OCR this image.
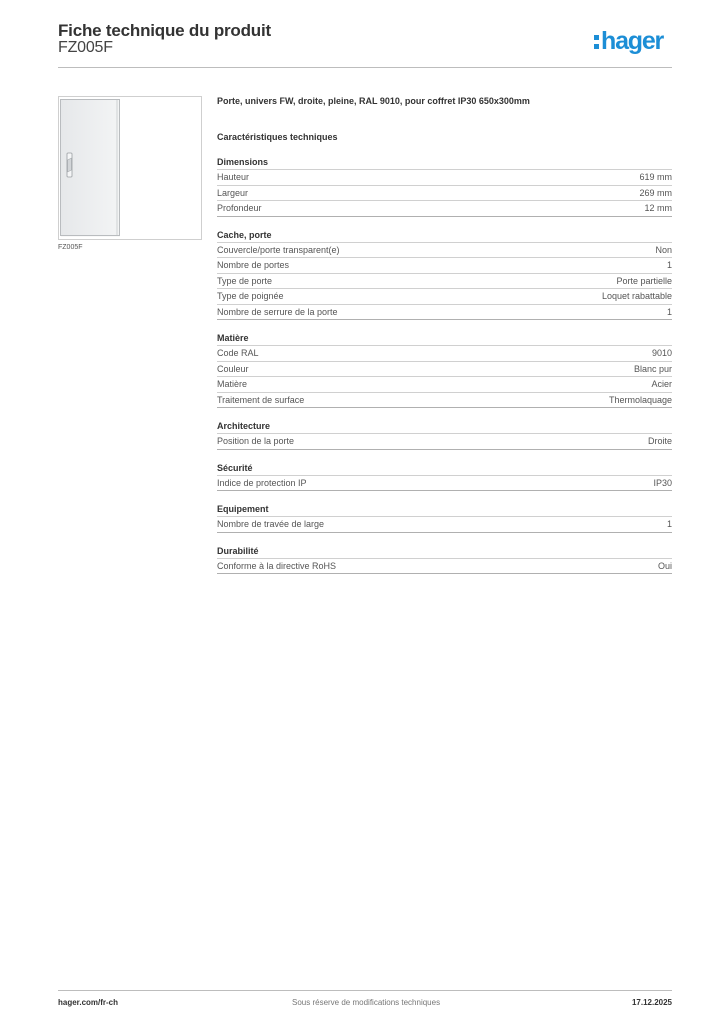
Fiche technique du produit
FZ005F	hager
FZ005F
Porte, univers FW, droite, pleine, RAL 9010, pour coffret IP30 650x300mm
Caractéristiques techniques
Dimensions
Hauteur	619 mm
Largeur	269 mm
Profondeur	12 mm
Cache, porte
Couvercle/porte transparent(e)	Non
Nombre de portes	1
Type de porte	Porte partielle
Type de poignée	Loquet rabattable
Nombre de serrure de la porte	1
Matière
Code RAL	9010
Couleur	Blanc pur
Matière	Acier
Traitement de surface	Thermolaquage
Architecture
Position de la porte	Droite
Sécurité
Indice de protection IP	IP30
Equipement
Nombre de travée de large	1
Durabilité
Conforme à la directive RoHS	Oui
hager.com/fr-ch	Sous réserve de modifications techniques	17.12.2025
